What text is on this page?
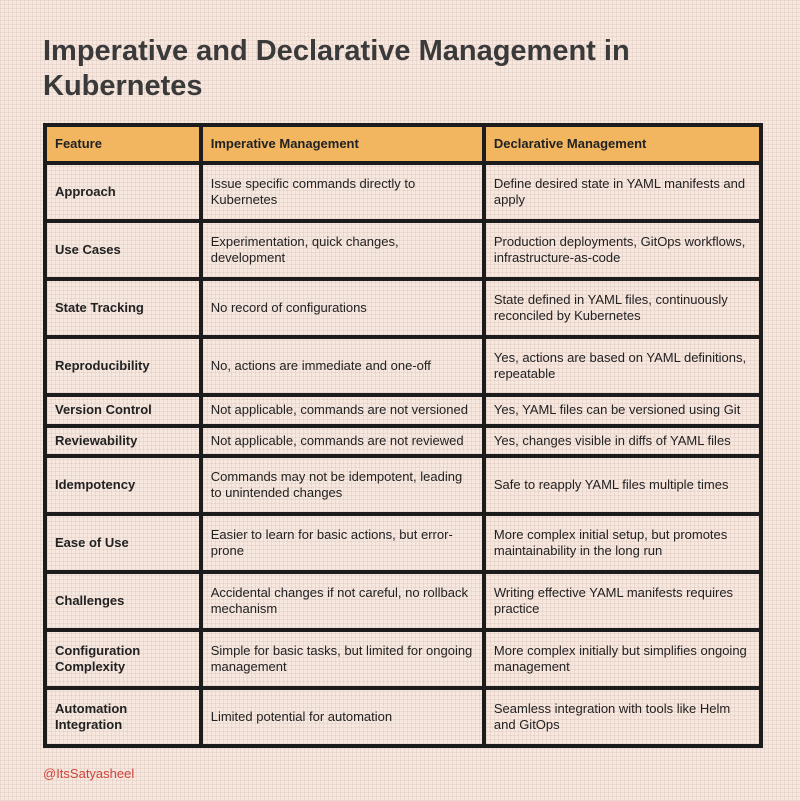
Imperative and Declarative Management in Kubernetes
Feature	Imperative Management	Declarative Management
Approach	Issue specific commands directly to Kubernetes	Define desired state in YAML manifests and apply
Use Cases	Experimentation, quick changes, development	Production deployments, GitOps workflows, infrastructure-as-code
State Tracking	No record of configurations	State defined in YAML files, continuously reconciled by Kubernetes
Reproducibility	No, actions are immediate and one-off	Yes, actions are based on YAML definitions, repeatable
Version Control	Not applicable, commands are not versioned	Yes, YAML files can be versioned using Git
Reviewability	Not applicable, commands are not reviewed	Yes, changes visible in diffs of YAML files
Idempotency	Commands may not be idempotent, leading to unintended changes	Safe to reapply YAML files multiple times
Ease of Use	Easier to learn for basic actions, but error-prone	More complex initial setup, but promotes maintainability in the long run
Challenges	Accidental changes if not careful, no rollback mechanism	Writing effective YAML manifests requires practice
Configuration Complexity	Simple for basic tasks, but limited for ongoing management	More complex initially but simplifies ongoing management
Automation Integration	Limited potential for automation	Seamless integration with tools like Helm and GitOps
@ItsSatyasheel
